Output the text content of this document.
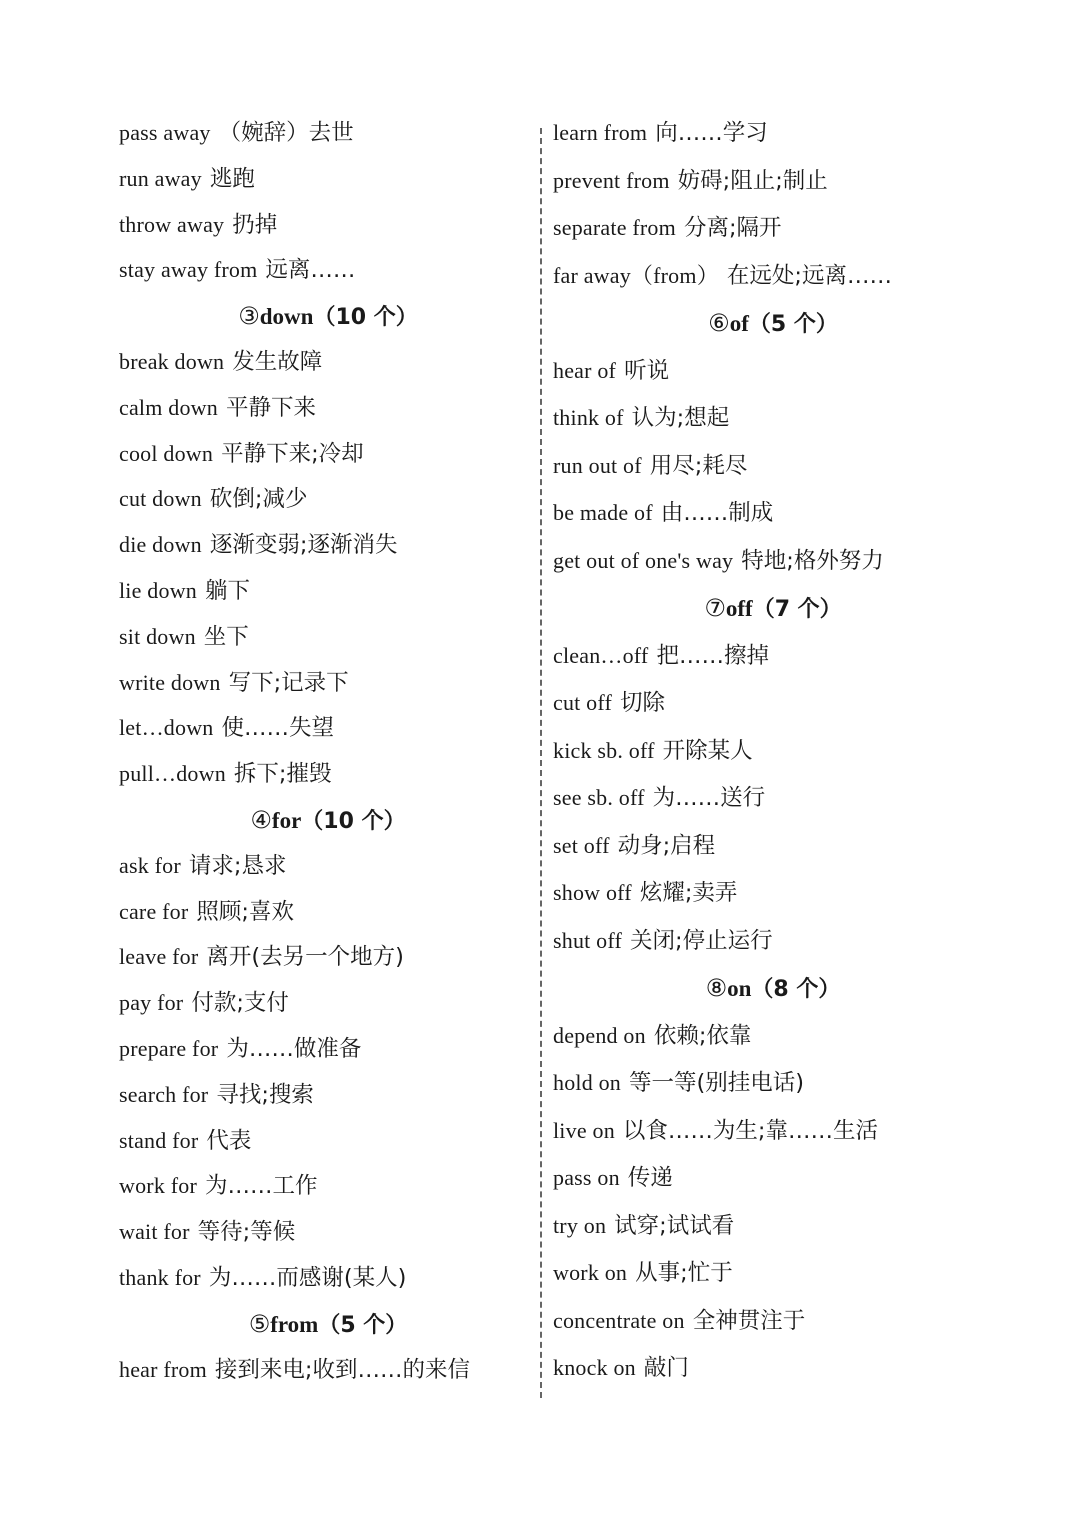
pass away （婉辞）去世
run away 逃跑
throw away 扔掉
stay away from 远离……
③ down （10 个）
break down 发生故障
calm down 平静下来
cool down 平静下来;冷却
cut down 砍倒;减少
die down 逐渐变弱;逐渐消失
lie down 躺下
sit down 坐下
write down 写下;记录下
let…down 使……失望
pull…down 拆下;摧毁
④ for （10 个）
ask for 请求;恳求
care for 照顾;喜欢
leave for 离开(去另一个地方)
pay for 付款;支付
prepare for 为……做准备
search for 寻找;搜索
stand for 代表
work for 为……工作
wait for 等待;等候
thank for 为……而感谢(某人)
⑤ from （5 个）
hear from 接到来电;收到……的来信
learn from 向……学习
prevent from 妨碍;阻止;制止
separate from 分离;隔开
far away（from） 在远处;远离……
⑥ of （5 个）
hear of 听说
think of 认为;想起
run out of 用尽;耗尽
be made of 由……制成
get out of one's way 特地;格外努力
⑦ off （7 个）
clean…off 把……擦掉
cut off 切除
kick sb. off 开除某人
see sb. off 为……送行
set off 动身;启程
show off 炫耀;卖弄
shut off 关闭;停止运行
⑧ on （8 个）
depend on 依赖;依靠
hold on 等一等(别挂电话)
live on 以食……为生;靠……生活
pass on 传递
try on 试穿;试试看
work on 从事;忙于
concentrate on 全神贯注于
knock on 敲门
